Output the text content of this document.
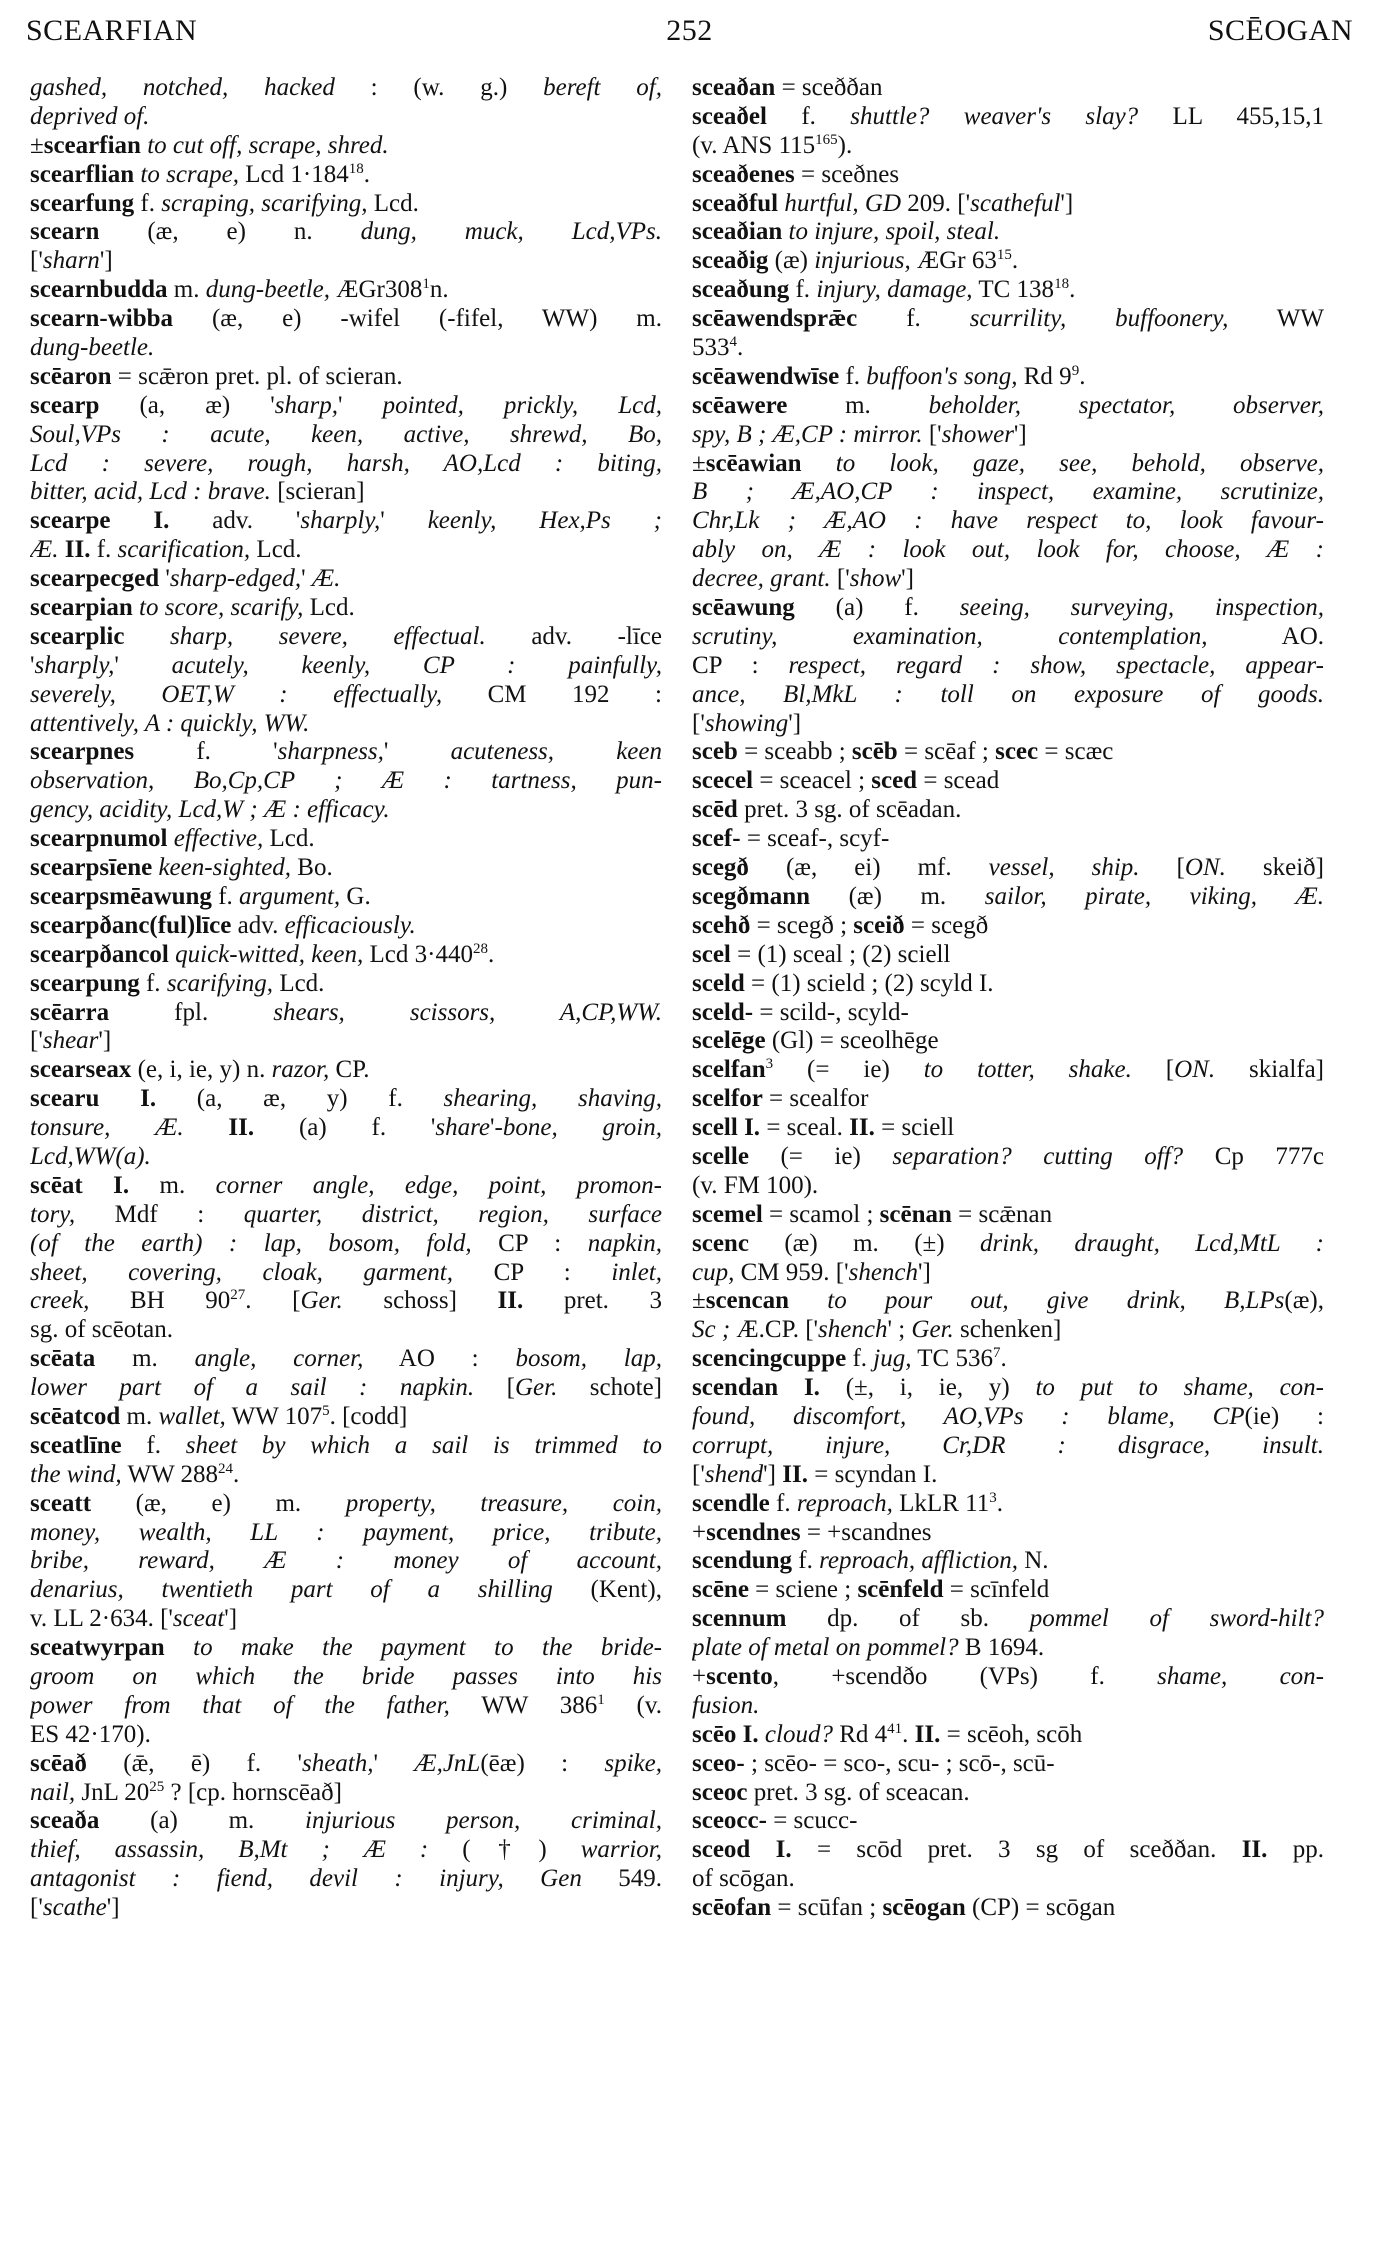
SCEARFIAN	252	SCĒOGAN
gashed, notched, hacked : (w. g.) bereft of,
deprived of.
±scearfian to cut off, scrape, shred.
scearflian to scrape, Lcd $1\cdot 184^{18}$.
scearfung f. scraping, scarifying, Lcd.
scearn (æ, e) n. dung, muck, Lcd,VPs.
['sharn']
scearnbudda m. dung-beetle, $ÆGr308^1n$.
scearn-wibba (æ, e) -wifel (-fifel, WW) m.
dung-beetle.
scēaron = scǣron pret. pl. of scieran.
scearp (a, æ) 'sharp,' pointed, prickly, Lcd,
Soul,VPs : acute, keen, active, shrewd, Bo,
Lcd : severe, rough, harsh, AO,Lcd : biting,
bitter, acid, Lcd : brave. [scieran]
scearpe I. adv. 'sharply,' keenly, Hex,Ps ;
Æ. II. f. scarification, Lcd.
scearpecged 'sharp-edged,' Æ.
scearpian to score, scarify, Lcd.
scearplic sharp, severe, effectual. adv. -līce
'sharply,' acutely, keenly, CP : painfully,
severely, OET,W : effectually, CM 192 :
attentively, A : quickly, WW.
scearpnes f. 'sharpness,' acuteness, keen
observation, Bo,Cp,CP ; Æ : tartness, pun-
gency, acidity, Lcd,W ; Æ : efficacy.
scearpnumol effective, Lcd.
scearpsīene keen-sighted, Bo.
scearpsmēawung f. argument, G.
scearpðanc(ful)līce adv. efficaciously.
scearpðancol quick-witted, keen, Lcd $3\cdot 440^{28}$.
scearpung f. scarifying, Lcd.
scēarra fpl. shears, scissors, A,CP,WW.
['shear']
scearseax (e, i, ie, y) n. razor, CP.
scearu I. (a, æ, y) f. shearing, shaving,
tonsure, Æ. II. (a) f. 'share'-bone, groin,
Lcd,WW(a).
scēat I. m. corner angle, edge, point, promon-
tory, Mdf : quarter, district, region, surface
(of the earth) : lap, bosom, fold, CP : napkin,
sheet, covering, cloak, garment, CP : inlet,
creek, BH $90^{27}$. [Ger. schoss] II. pret. 3
sg. of scēotan.
scēata m. angle, corner, AO : bosom, lap,
lower part of a sail : napkin. [Ger. schote]
scēatcod m. wallet, WW $107^5$. [codd]
sceatlīne f. sheet by which a sail is trimmed to
the wind, WW $288^{24}$.
sceatt (æ, e) m. property, treasure, coin,
money, wealth, LL : payment, price, tribute,
bribe, reward, Æ : money of account,
denarius, twentieth part of a shilling (Kent),
v. LL 2·634. ['sceat']
sceatwyrpan to make the payment to the bride-
groom on which the bride passes into his
power from that of the father, WW $386^1$ (v.
ES 42·170).
scēað (ǣ, ē) f. 'sheath,' Æ,JnL(ēæ) : spike,
nail, JnL $20^{25}$ ? [cp. hornscēað]
sceaða (a) m. injurious person, criminal,
thief, assassin, B,Mt ; Æ : (†) warrior,
antagonist : fiend, devil : injury, Gen 549.
['scathe']
sceaðan = sceððan
sceaðel f. shuttle? weaver's slay? LL 455,15,1
(v. ANS $115^{165}$).
sceaðenes = sceðnes
sceaðful hurtful, GD 209. ['scatheful']
sceaðian to injure, spoil, steal.
sceaðig (æ) injurious, ÆGr $63^{15}$.
sceaðung f. injury, damage, TC $138^{18}$.
scēawendsprǣc f. scurrility, buffoonery, WW
$533^4$.
scēawendwīse f. buffoon's song, Rd $9^9$.
scēawere m. beholder, spectator, observer,
spy, B ; Æ,CP : mirror. ['shower']
±scēawian to look, gaze, see, behold, observe,
B ; Æ,AO,CP : inspect, examine, scrutinize,
Chr,Lk ; Æ,AO : have respect to, look favour-
ably on, Æ : look out, look for, choose, Æ :
decree, grant. ['show']
scēawung (a) f. seeing, surveying, inspection,
scrutiny, examination, contemplation, AO.
CP : respect, regard : show, spectacle, appear-
ance, Bl,MkL : toll on exposure of goods.
['showing']
sceb = sceabb ; scēb = scēaf ; scec = scæc
scecel = sceacel ; sced = scead
scēd pret. 3 sg. of scēadan.
scef- = sceaf-, scyf-
scegð (æ, ei) mf. vessel, ship. [ON. skeið]
scegðmann (æ) m. sailor, pirate, viking, Æ.
scehð = scegð ; sceið = scegð
scel = (1) sceal ; (2) sciell
sceld = (1) scield ; (2) scyld I.
sceld- = scild-, scyld-
scelēge (Gl) = sceolhēge
scelfan$^3$ (= ie) to totter, shake. [ON. skialfa]
scelfor = scealfor
scell I. = sceal. II. = sciell
scelle (= ie) separation? cutting off? Cp 777c
(v. FM 100).
scemel = scamol ; scēnan = scǣnan
scenc (æ) m. (±) drink, draught, Lcd,MtL :
cup, CM 959. ['shench']
±scencan to pour out, give drink, B,LPs(æ),
Sc ; Æ.CP. ['shench' ; Ger. schenken]
scencingcuppe f. jug, TC $536^7$.
scendan I. (±, i, ie, y) to put to shame, con-
found, discomfort, AO,VPs : blame, CP(ie) :
corrupt, injure, Cr,DR : disgrace, insult.
['shend'] II. = scyndan I.
scendle f. reproach, LkLR $11^3$.
+scendnes = +scandnes
scendung f. reproach, affliction, N.
scēne = sciene ; scēnfeld = scīnfeld
scennum dp. of sb. pommel of sword-hilt?
plate of metal on pommel? B 1694.
+scento, +scendðo (VPs) f. shame, con-
fusion.
scēo I. cloud? Rd $4^{41}$. II. = scēoh, scōh
sceo- ; scēo- = sco-, scu- ; scō-, scū-
sceoc pret. 3 sg. of sceacan.
sceocc- = scucc-
sceod I. = scōd pret. 3 sg of sceððan. II. pp.
of scōgan.
scēofan = scūfan ; scēogan (CP) = scōgan
